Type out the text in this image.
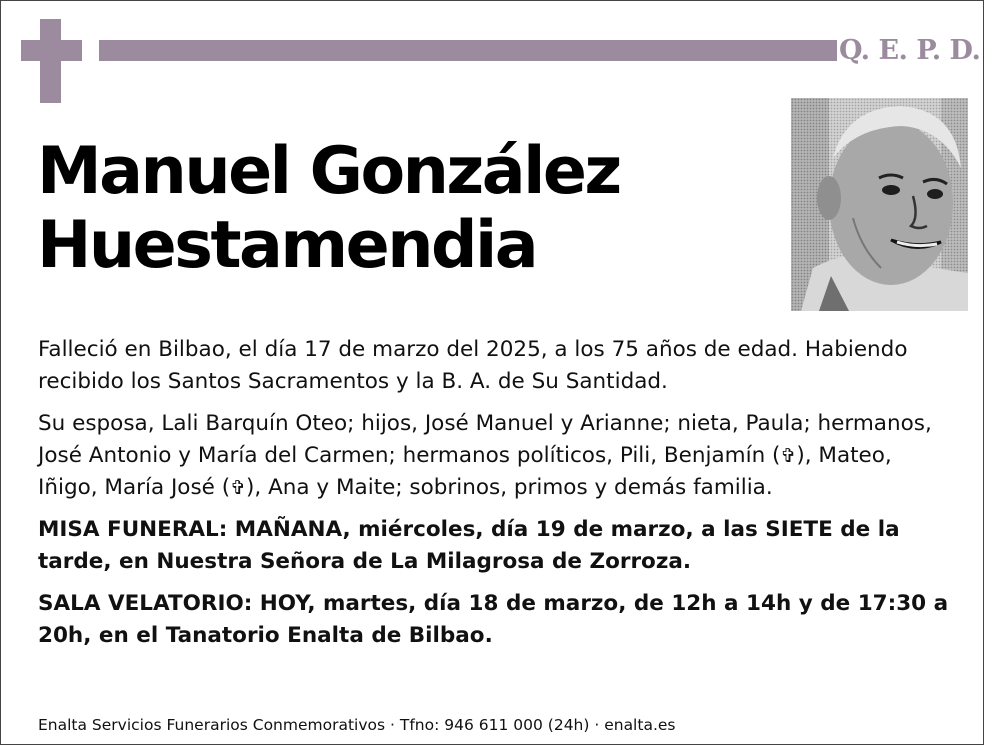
Q. E. P. D.
Manuel González
Huestamendia

Falleció en Bilbao, el día 17 de marzo del 2025, a los 75 años de edad. Habiendo recibido los Santos Sacramentos y la B. A. de Su Santidad.

Su esposa, Lali Barquín Oteo; hijos, José Manuel y Arianne; nieta, Paula; hermanos, José Antonio y María del Carmen; hermanos políticos, Pili, Benjamín (✞), Mateo, Iñigo, María José (✞), Ana y Maite; sobrinos, primos y demás familia.

MISA FUNERAL: MAÑANA, miércoles, día 19 de marzo, a las SIETE de la tarde, en Nuestra Señora de La Milagrosa de Zorroza.

SALA VELATORIO: HOY, martes, día 18 de marzo, de 12h a 14h y de 17:30 a 20h, en el Tanatorio Enalta de Bilbao.

Enalta Servicios Funerarios Conmemorativos · Tfno: 946 611 000 (24h) · enalta.es
